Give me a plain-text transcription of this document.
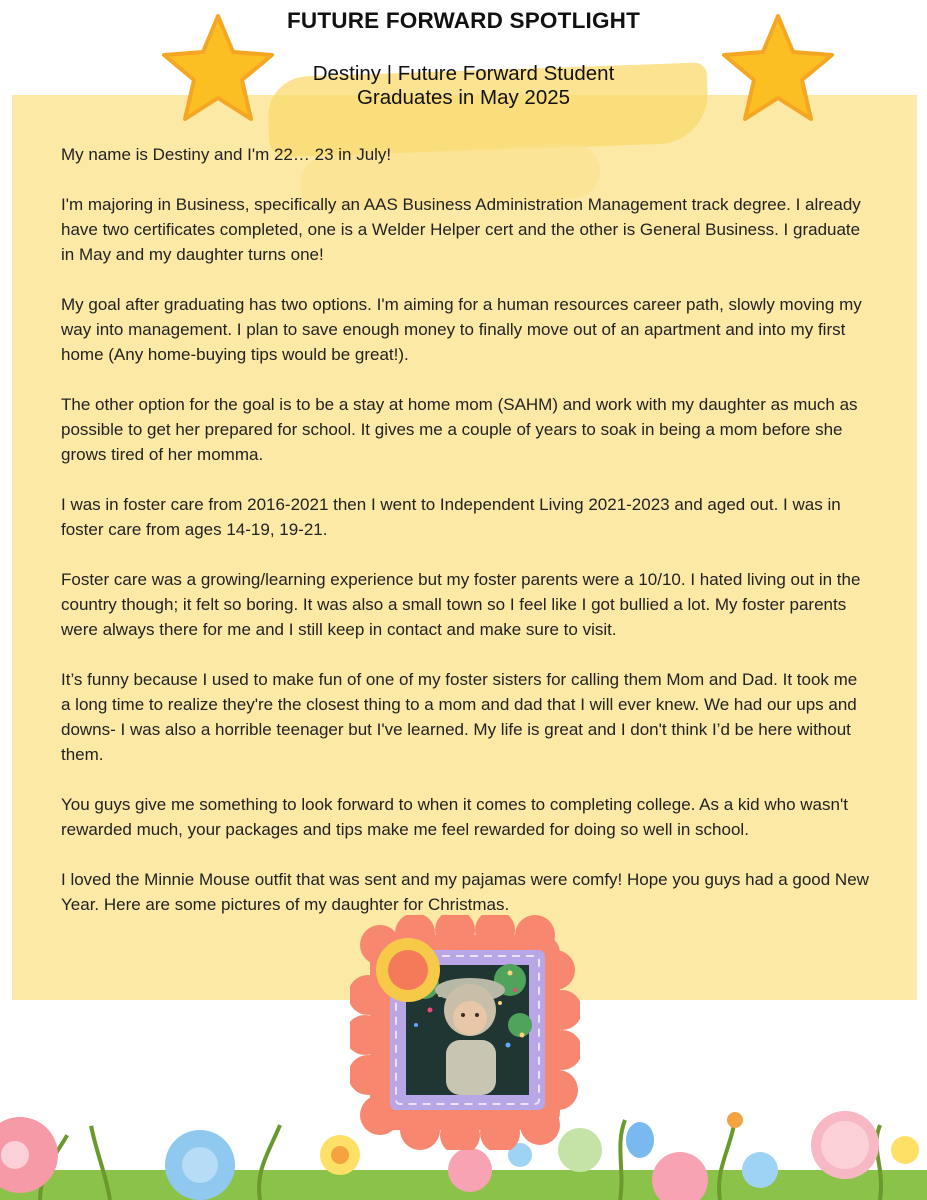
FUTURE FORWARD SPOTLIGHT
Destiny | Future Forward Student
Graduates in May 2025

My name is Destiny and I'm 22… 23 in July!

I'm majoring in Business, specifically an AAS Business Administration Management track degree. I already have two certificates completed, one is a Welder Helper cert and the other is General Business. I graduate in May and my daughter turns one!

My goal after graduating has two options. I'm aiming for a human resources career path, slowly moving my way into management. I plan to save enough money to finally move out of an apartment and into my first home (Any home-buying tips would be great!).

The other option for the goal is to be a stay at home mom (SAHM) and work with my daughter as much as possible to get her prepared for school. It gives me a couple of years to soak in being a mom before she grows tired of her momma.

I was in foster care from 2016-2021 then I went to Independent Living 2021-2023 and aged out. I was in foster care from ages 14-19, 19-21.

Foster care was a growing/learning experience but my foster parents were a 10/10. I hated living out in the country though; it felt so boring. It was also a small town so I feel like I got bullied a lot. My foster parents were always there for me and I still keep in contact and make sure to visit.

It’s funny because I used to make fun of one of my foster sisters for calling them Mom and Dad. It took me a long time to realize they're the closest thing to a mom and dad that I will ever knew. We had our ups and downs- I was also a horrible teenager but I've learned. My life is great and I don't think I’d be here without them.

You guys give me something to look forward to when it comes to completing college. As a kid who wasn't rewarded much, your packages and tips make me feel rewarded for doing so well in school.

I loved the Minnie Mouse outfit that was sent and my pajamas were comfy! Hope you guys had a good New Year. Here are some pictures of my daughter for Christmas.
